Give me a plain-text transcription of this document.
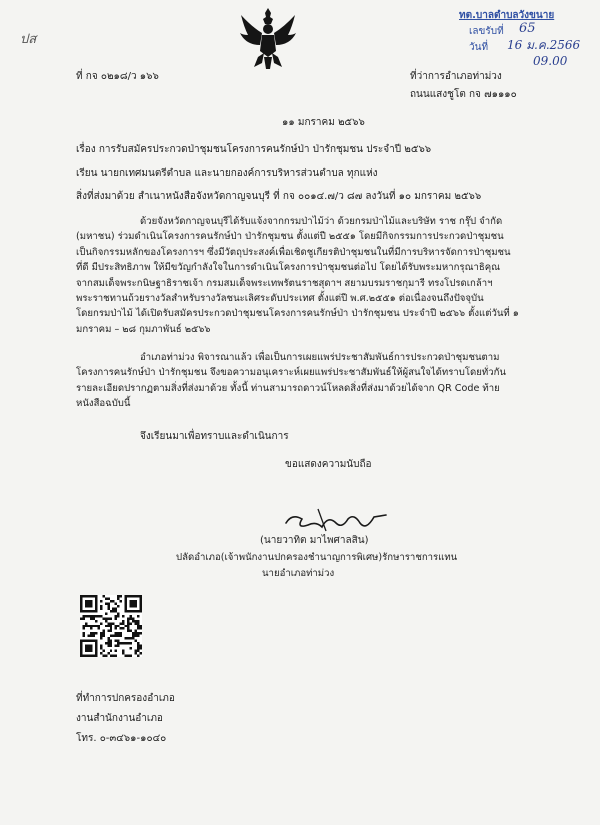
ปส
ทต.บาลตำบลวังขนาย
เลขรับที่ 65
วันที่ 16 ม.ค.2566
09.00
ที่ กจ ๐๒๑๘/ว ๑๖๖	ที่ว่าการอำเภอท่าม่วง
ถนนแสงชูโต กจ ๗๑๑๑๐
๑๑ มกราคม ๒๕๖๖
เรื่อง การรับสมัครประกวดป่าชุมชนโครงการคนรักษ์ป่า ป่ารักชุมชน ประจำปี ๒๕๖๖
เรียน นายกเทศมนตรีตำบล และนายกองค์การบริหารส่วนตำบล ทุกแห่ง
สิ่งที่ส่งมาด้วย สำเนาหนังสือจังหวัดกาญจนบุรี ที่ กจ ๐๐๑๔.๗/ว ๘๗ ลงวันที่ ๑๐ มกราคม ๒๕๖๖

ด้วยจังหวัดกาญจนบุรีได้รับแจ้งจากกรมป่าไม้ว่า ด้วยกรมป่าไม้และบริษัท ราช กรุ๊ป จำกัด

(มหาชน) ร่วมดำเนินโครงการคนรักษ์ป่า ป่ารักชุมชน ตั้งแต่ปี ๒๕๕๑ โดยมีกิจกรรมการประกวดป่าชุมชน

เป็นกิจกรรมหลักของโครงการฯ ซึ่งมีวัตถุประสงค์เพื่อเชิดชูเกียรติป่าชุมชนในที่มีการบริหารจัดการป่าชุมชน

ที่ดี มีประสิทธิภาพ ให้มีขวัญกำลังใจในการดำเนินโครงการป่าชุมชนต่อไป โดยได้รับพระมหากรุณาธิคุณ

จากสมเด็จพระกนิษฐาธิราชเจ้า กรมสมเด็จพระเทพรัตนราชสุดาฯ สยามบรมราชกุมารี ทรงโปรดเกล้าฯ

พระราชทานถ้วยรางวัลสำหรับรางวัลชนะเลิศระดับประเทศ ตั้งแต่ปี พ.ศ.๒๕๕๑ ต่อเนื่องจนถึงปัจจุบัน

โดยกรมป่าไม้ ได้เปิดรับสมัครประกวดป่าชุมชนโครงการคนรักษ์ป่า ป่ารักชุมชน ประจำปี ๒๕๖๖ ตั้งแต่วันที่ ๑

มกราคม – ๒๘ กุมภาพันธ์ ๒๕๖๖

อำเภอท่าม่วง พิจารณาแล้ว เพื่อเป็นการเผยแพร่ประชาสัมพันธ์การประกวดป่าชุมชนตาม

โครงการคนรักษ์ป่า ป่ารักชุมชน จึงขอความอนุเคราะห์เผยแพร่ประชาสัมพันธ์ให้ผู้สนใจได้ทราบโดยทั่วกัน

รายละเอียดปรากฏตามสิ่งที่ส่งมาด้วย ทั้งนี้ ท่านสามารถดาวน์โหลดสิ่งที่ส่งมาด้วยได้จาก QR Code ท้าย

หนังสือฉบับนี้

จึงเรียนมาเพื่อทราบและดำเนินการ
ขอแสดงความนับถือ
(นายวาทิต มาไพศาลสิน)
ปลัดอำเภอ(เจ้าพนักงานปกครองชำนาญการพิเศษ)รักษาราชการแทน
นายอำเภอท่าม่วง
ที่ทำการปกครองอำเภอ
งานสำนักงานอำเภอ
โทร. ๐-๓๔๖๑-๑๐๔๐
